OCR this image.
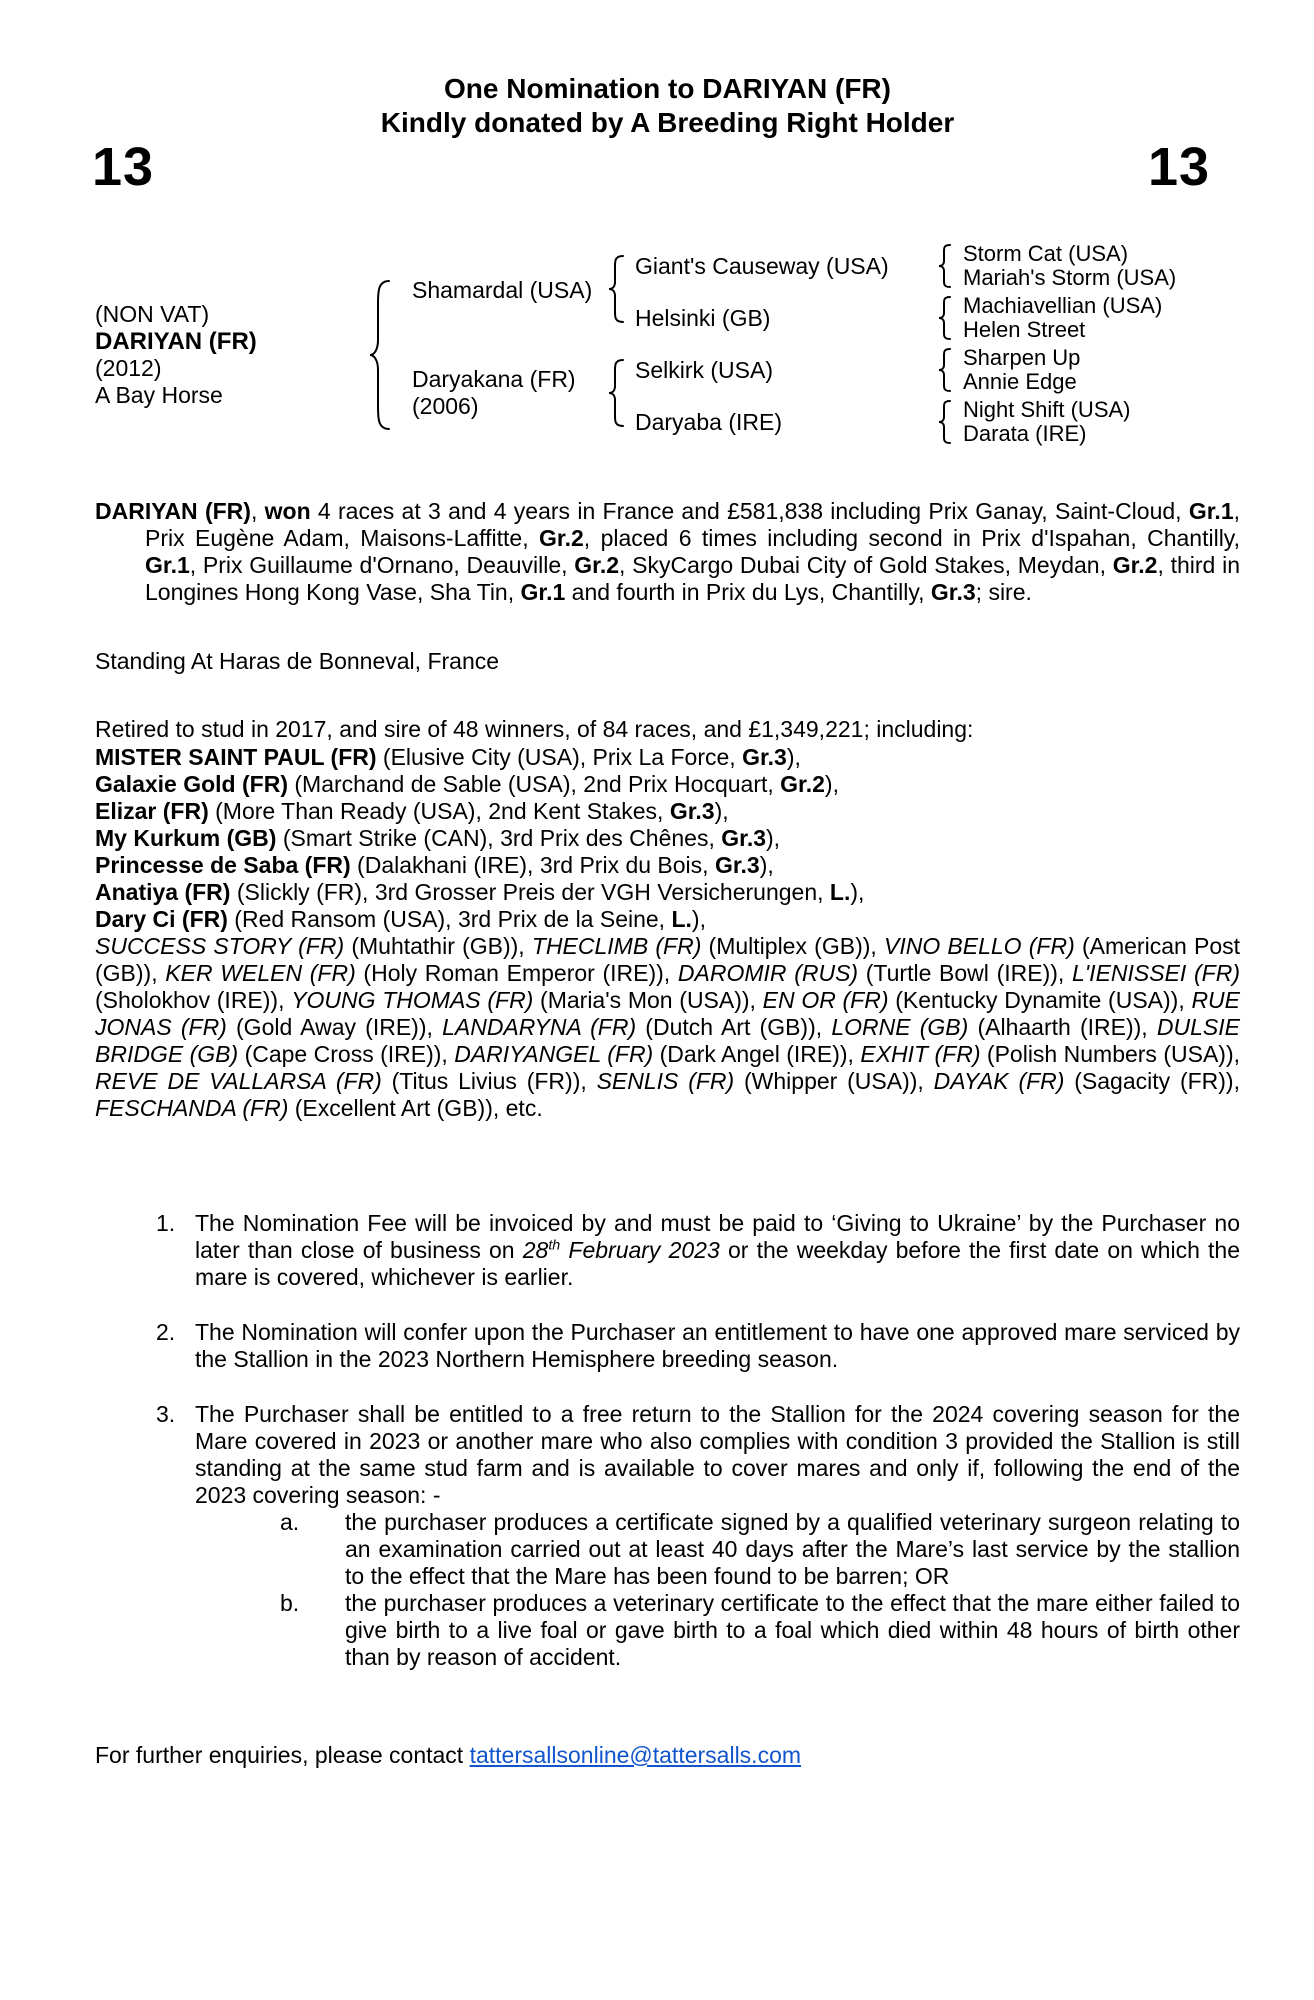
One Nomination to DARIYAN (FR)
Kindly donated by A Breeding Right Holder
13	13
(NON VAT)
DARIYAN (FR)
(2012)
A Bay Horse
Shamardal (USA)
Daryakana (FR)
(2006)
Giant's Causeway (USA)
Helsinki (GB)
Selkirk (USA)
Daryaba (IRE)
Storm Cat (USA)
Mariah's Storm (USA)
Machiavellian (USA)
Helen Street
Sharpen Up
Annie Edge
Night Shift (USA)
Darata (IRE)

DARIYAN (FR), won 4 races at 3 and 4 years in France and £581,838 including Prix Ganay, Saint-Cloud, Gr.1, Prix Eugène Adam, Maisons-Laffitte, Gr.2, placed 6 times including second in Prix d'Ispahan, Chantilly, Gr.1, Prix Guillaume d'Ornano, Deauville, Gr.2, SkyCargo Dubai City of Gold Stakes, Meydan, Gr.2, third in Longines Hong Kong Vase, Sha Tin, Gr.1 and fourth in Prix du Lys, Chantilly, Gr.3; sire.

Standing At Haras de Bonneval, France

Retired to stud in 2017, and sire of 48 winners, of 84 races, and £1,349,221; including:

MISTER SAINT PAUL (FR) (Elusive City (USA), Prix La Force, Gr.3),
Galaxie Gold (FR) (Marchand de Sable (USA), 2nd Prix Hocquart, Gr.2),
Elizar (FR) (More Than Ready (USA), 2nd Kent Stakes, Gr.3),
My Kurkum (GB) (Smart Strike (CAN), 3rd Prix des Chênes, Gr.3),
Princesse de Saba (FR) (Dalakhani (IRE), 3rd Prix du Bois, Gr.3),
Anatiya (FR) (Slickly (FR), 3rd Grosser Preis der VGH Versicherungen, L.),
Dary Ci (FR) (Red Ransom (USA), 3rd Prix de la Seine, L.),

SUCCESS STORY (FR) (Muhtathir (GB)), THECLIMB (FR) (Multiplex (GB)), VINO BELLO (FR) (American Post (GB)), KER WELEN (FR) (Holy Roman Emperor (IRE)), DAROMIR (RUS) (Turtle Bowl (IRE)), L'IENISSEI (FR) (Sholokhov (IRE)), YOUNG THOMAS (FR) (Maria's Mon (USA)), EN OR (FR) (Kentucky Dynamite (USA)), RUE JONAS (FR) (Gold Away (IRE)), LANDARYNA (FR) (Dutch Art (GB)), LORNE (GB) (Alhaarth (IRE)), DULSIE BRIDGE (GB) (Cape Cross (IRE)), DARIYANGEL (FR) (Dark Angel (IRE)), EXHIT (FR) (Polish Numbers (USA)), REVE DE VALLARSA (FR) (Titus Livius (FR)), SENLIS (FR) (Whipper (USA)), DAYAK (FR) (Sagacity (FR)), FESCHANDA (FR) (Excellent Art (GB)), etc.

1. The Nomination Fee will be invoiced by and must be paid to ‘Giving to Ukraine’ by the Purchaser no later than close of business on 28th February 2023 or the weekday before the first date on which the mare is covered, whichever is earlier.

2. The Nomination will confer upon the Purchaser an entitlement to have one approved mare serviced by the Stallion in the 2023 Northern Hemisphere breeding season.

3. The Purchaser shall be entitled to a free return to the Stallion for the 2024 covering season for the Mare covered in 2023 or another mare who also complies with condition 3 provided the Stallion is still standing at the same stud farm and is available to cover mares and only if, following the end of the 2023 covering season: -

a. the purchaser produces a certificate signed by a qualified veterinary surgeon relating to an examination carried out at least 40 days after the Mare’s last service by the stallion to the effect that the Mare has been found to be barren; OR

b. the purchaser produces a veterinary certificate to the effect that the mare either failed to give birth to a live foal or gave birth to a foal which died within 48 hours of birth other than by reason of accident.

For further enquiries, please contact tattersallsonline@tattersalls.com
